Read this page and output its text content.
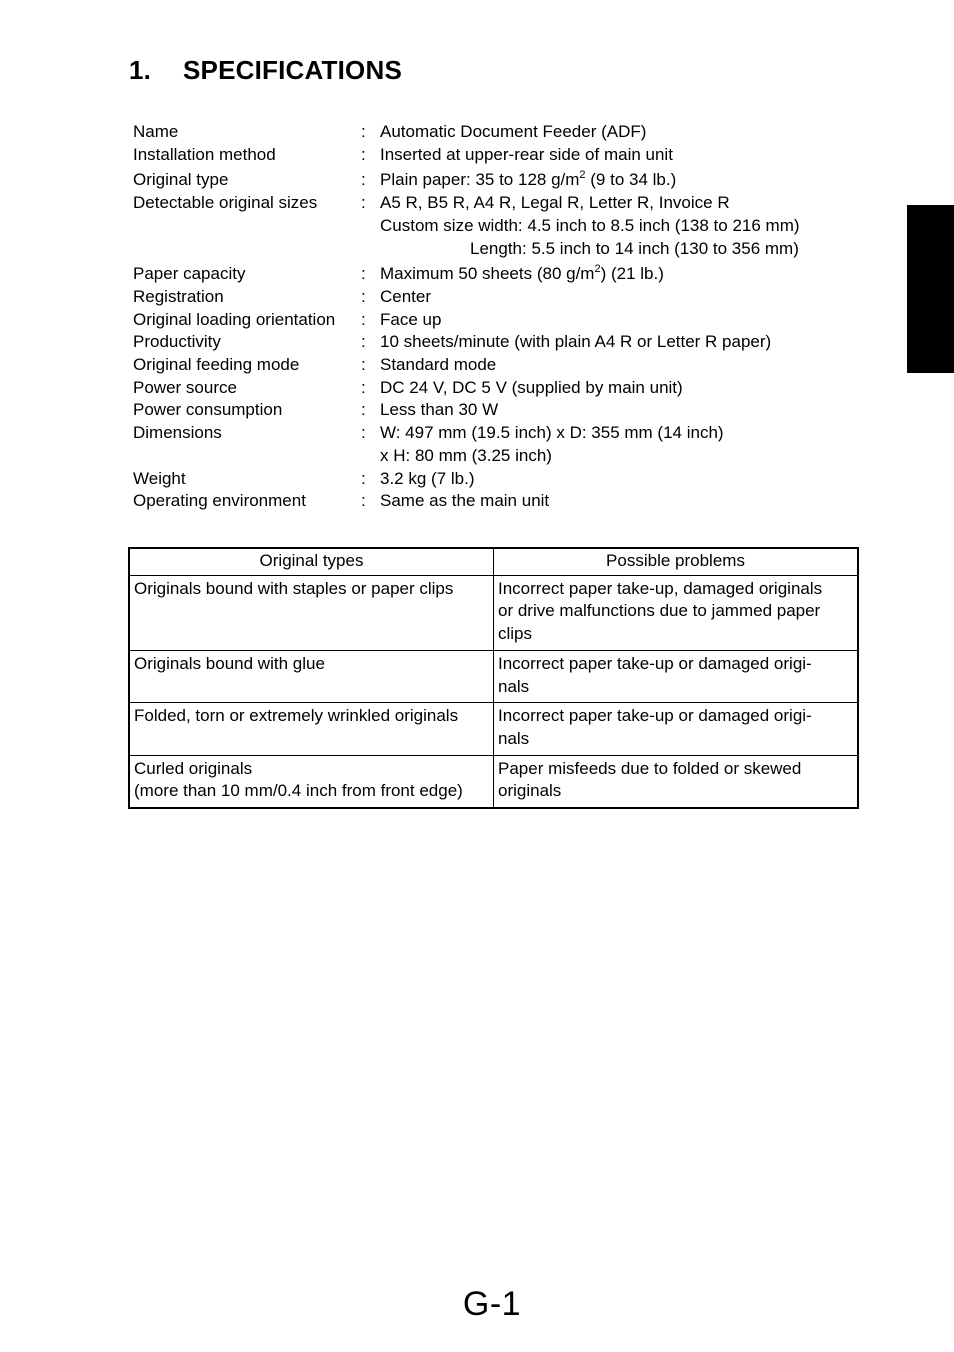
1. SPECIFICATIONS
Name	: Automatic Document Feeder (ADF)
Installation method	: Inserted at upper-rear side of main unit
Original type	: Plain paper: 35 to 128 $g/m^2$ (9 to 34 lb.)
Detectable original sizes	: A5 R, B5 R, A4 R, Legal R, Letter R, Invoice R
Custom size width: 4.5 inch to 8.5 inch (138 to 216 mm)
Length: 5.5 inch to 14 inch (130 to 356 mm)
Paper capacity	: Maximum 50 sheets (80 $g/m^2$) (21 lb.)
Registration	: Center
Original loading orientation	: Face up
Productivity	: 10 sheets/minute (with plain A4 R or Letter R paper)
Original feeding mode	: Standard mode
Power source	: DC 24 V, DC 5 V (supplied by main unit)
Power consumption	: Less than 30 W
Dimensions	: W: 497 mm (19.5 inch) x D: 355 mm (14 inch)
x H: 80 mm (3.25 inch)
Weight	: 3.2 kg (7 lb.)
Operating environment	: Same as the main unit
Original types	Possible problems

Originals bound with staples or paper clips	Incorrect paper take-up, damaged originals
or drive malfunctions due to jammed paper
clips

Originals bound with glue	Incorrect paper take-up or damaged origi-
nals

Folded, torn or extremely wrinkled originals	Incorrect paper take-up or damaged origi-
nals

Curled originals
(more than 10 mm/0.4 inch from front edge)	Paper misfeeds due to folded or skewed
originals
G-1
